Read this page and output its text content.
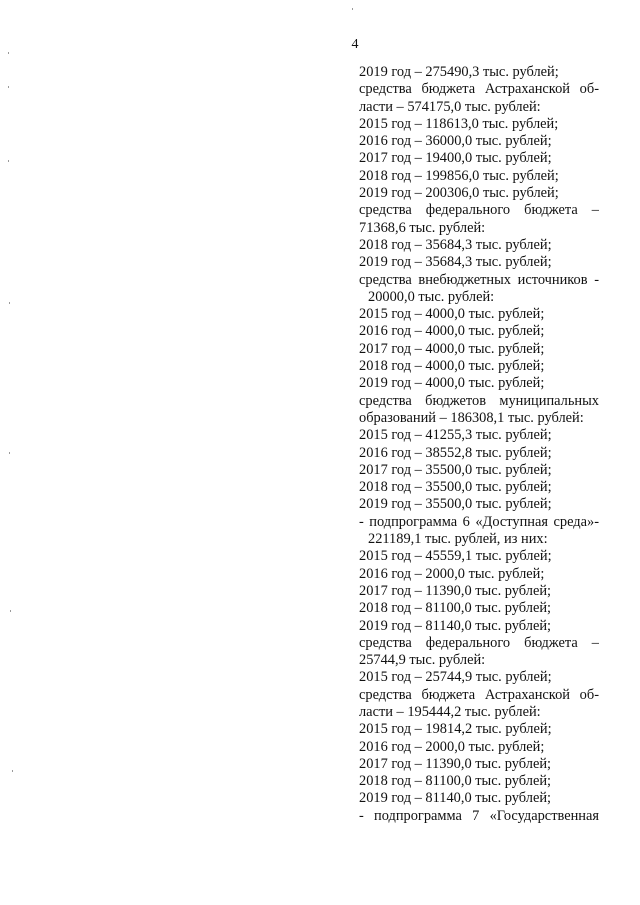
4
2019 год – 275490,3 тыс. рублей;
средства бюджета Астраханской об-
ласти – 574175,0 тыс. рублей:
2015 год – 118613,0 тыс. рублей;
2016 год – 36000,0 тыс. рублей;
2017 год – 19400,0 тыс. рублей;
2018 год – 199856,0 тыс. рублей;
2019 год – 200306,0 тыс. рублей;
средства федерального бюджета –
71368,6 тыс. рублей:
2018 год – 35684,3 тыс. рублей;
2019 год – 35684,3 тыс. рублей;
средства внебюджетных источников -
20000,0 тыс. рублей:
2015 год – 4000,0 тыс. рублей;
2016 год – 4000,0 тыс. рублей;
2017 год – 4000,0 тыс. рублей;
2018 год – 4000,0 тыс. рублей;
2019 год – 4000,0 тыс. рублей;
средства бюджетов муниципальных
образований – 186308,1 тыс. рублей:
2015 год – 41255,3 тыс. рублей;
2016 год – 38552,8 тыс. рублей;
2017 год – 35500,0 тыс. рублей;
2018 год – 35500,0 тыс. рублей;
2019 год – 35500,0 тыс. рублей;
- подпрограмма 6 «Доступная среда»-
221189,1 тыс. рублей, из них:
2015 год – 45559,1 тыс. рублей;
2016 год – 2000,0 тыс. рублей;
2017 год – 11390,0 тыс. рублей;
2018 год – 81100,0 тыс. рублей;
2019 год – 81140,0 тыс. рублей;
средства федерального бюджета –
25744,9 тыс. рублей:
2015 год – 25744,9 тыс. рублей;
средства бюджета Астраханской об-
ласти – 195444,2 тыс. рублей:
2015 год – 19814,2 тыс. рублей;
2016 год – 2000,0 тыс. рублей;
2017 год – 11390,0 тыс. рублей;
2018 год – 81100,0 тыс. рублей;
2019 год – 81140,0 тыс. рублей;
- подпрограмма 7 «Государственная
